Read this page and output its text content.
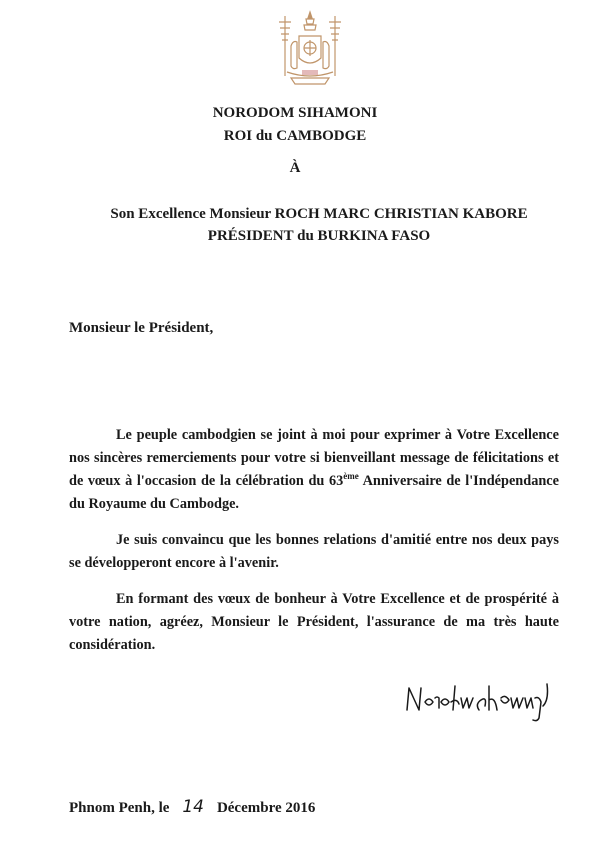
NORODOM SIHAMONI
ROI du CAMBODGE
À
Son Excellence Monsieur ROCH MARC CHRISTIAN KABORE
PRÉSIDENT du BURKINA FASO
Monsieur le Président,

Le peuple cambodgien se joint à moi pour exprimer à Votre Excellence nos sincères remerciements pour votre si bienveillant message de félicitations et de vœux à l'occasion de la célébration du 63ème Anniversaire de l'Indépendance du Royaume du Cambodge.

Je suis convaincu que les bonnes relations d'amitié entre nos deux pays se développeront encore à l'avenir.

En formant des vœux de bonheur à Votre Excellence et de prospérité à votre nation, agréez, Monsieur le Président, l'assurance de ma très haute considération.

Phnom Penh, le 14 Décembre 2016
